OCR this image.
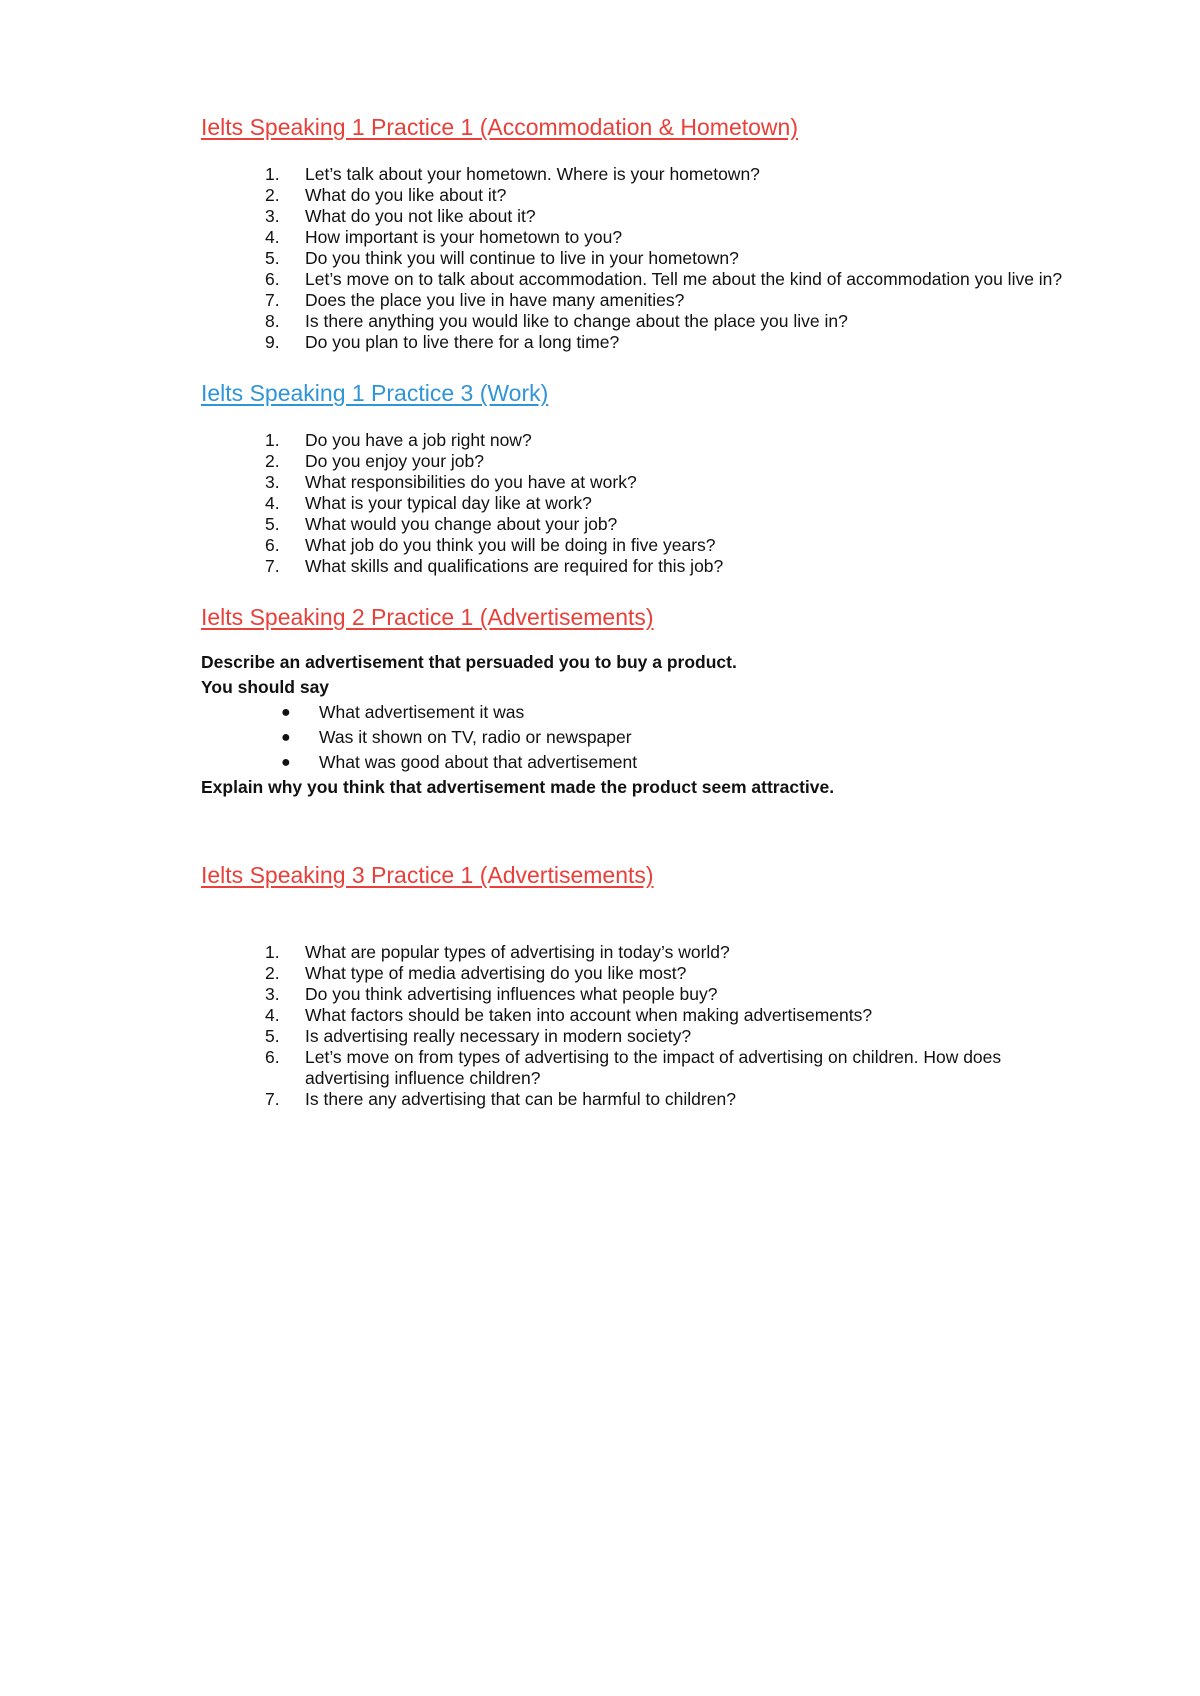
Ielts Speaking 1 Practice 1 (Accommodation & Hometown)
1.	Let’s talk about your hometown. Where is your hometown?
2.	What do you like about it?
3.	What do you not like about it?
4.	How important is your hometown to you?
5.	Do you think you will continue to live in your hometown?
6.	Let’s move on to talk about accommodation. Tell me about the kind of accommodation you live in?
7.	Does the place you live in have many amenities?
8.	Is there anything you would like to change about the place you live in?
9.	Do you plan to live there for a long time?
Ielts Speaking 1 Practice 3 (Work)
1.	Do you have a job right now?
2.	Do you enjoy your job?
3.	What responsibilities do you have at work?
4.	What is your typical day like at work?
5.	What would you change about your job?
6.	What job do you think you will be doing in five years?
7.	What skills and qualifications are required for this job?
Ielts Speaking 2 Practice 1 (Advertisements)
Describe an advertisement that persuaded you to buy a product.
You should say
●	What advertisement it was
●	Was it shown on TV, radio or newspaper
●	What was good about that advertisement
Explain why you think that advertisement made the product seem attractive.
Ielts Speaking 3 Practice 1 (Advertisements)
1.	What are popular types of advertising in today’s world?
2.	What type of media advertising do you like most?
3.	Do you think advertising influences what people buy?
4.	What factors should be taken into account when making advertisements?
5.	Is advertising really necessary in modern society?
6.	Let’s move on from types of advertising to the impact of advertising on children. How does advertising influence children?
7.	Is there any advertising that can be harmful to children?
